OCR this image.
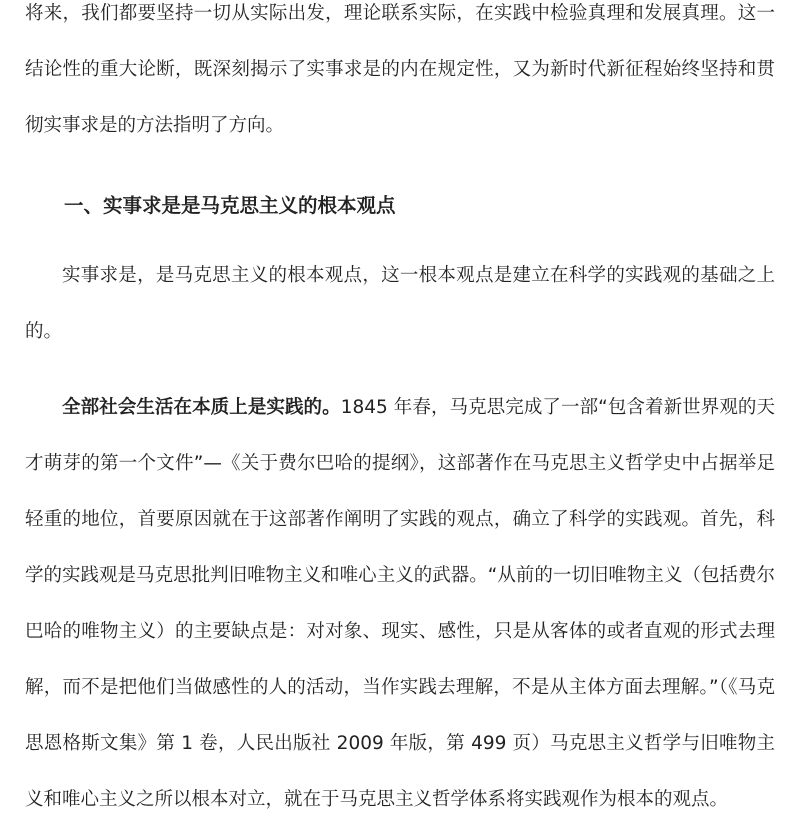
将来，我们都要坚持一切从实际出发，理论联系实际，在实践中检验真理和发展真理。这一结论性的重大论断，既深刻揭示了实事求是的内在规定性，又为新时代新征程始终坚持和贯彻实事求是的方法指明了方向。

一、实事求是是马克思主义的根本观点

实事求是，是马克思主义的根本观点，这一根本观点是建立在科学的实践观的基础之上的。

全部社会生活在本质上是实践的。1845 年春，马克思完成了一部“包含着新世界观的天才萌芽的第一个文件”—《关于费尔巴哈的提纲》，这部著作在马克思主义哲学史中占据举足轻重的地位，首要原因就在于这部著作阐明了实践的观点，确立了科学的实践观。首先，科学的实践观是马克思批判旧唯物主义和唯心主义的武器。“从前的一切旧唯物主义（包括费尔巴哈的唯物主义）的主要缺点是：对对象、现实、感性，只是从客体的或者直观的形式去理解，而不是把他们当做感性的人的活动，当作实践去理解，不是从主体方面去理解。”（《马克思恩格斯文集》第 1 卷，人民出版社 2009 年版，第 499 页）马克思主义哲学与旧唯物主义和唯心主义之所以根本对立，就在于马克思主义哲学体系将实践观作为根本的观点。
